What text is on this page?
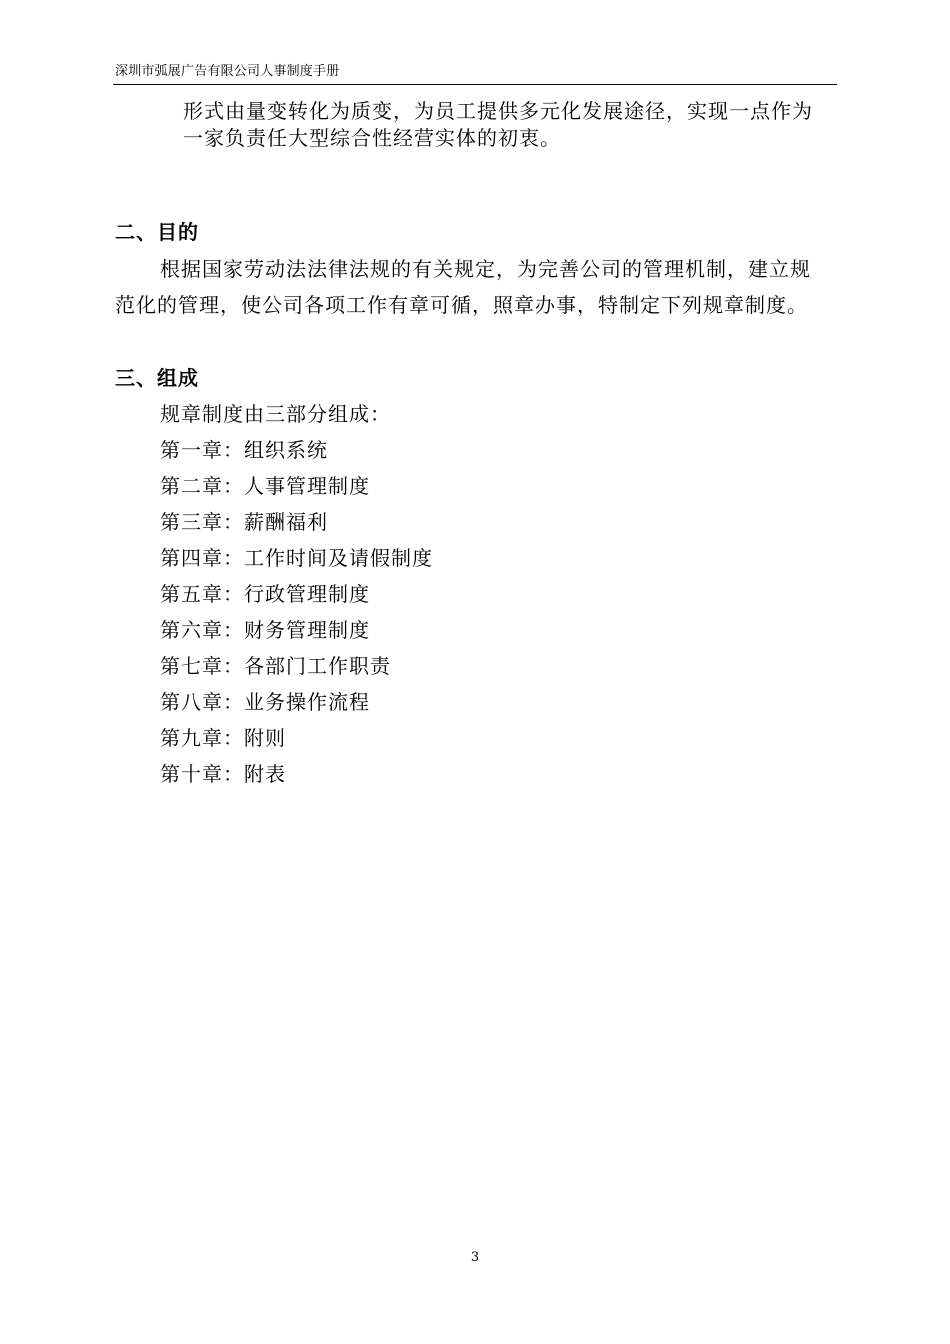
深圳市弧展广告有限公司人事制度手册
形式由量变转化为质变，为员工提供多元化发展途径，实现一点作为
一家负责任大型综合性经营实体的初衷。
二、目的
根据国家劳动法法律法规的有关规定，为完善公司的管理机制，建立规
范化的管理，使公司各项工作有章可循，照章办事，特制定下列规章制度。
三、组成
规章制度由三部分组成：
第一章：组织系统
第二章：人事管理制度
第三章：薪酬福利
第四章：工作时间及请假制度
第五章：行政管理制度
第六章：财务管理制度
第七章：各部门工作职责
第八章：业务操作流程
第九章：附则
第十章：附表
3
